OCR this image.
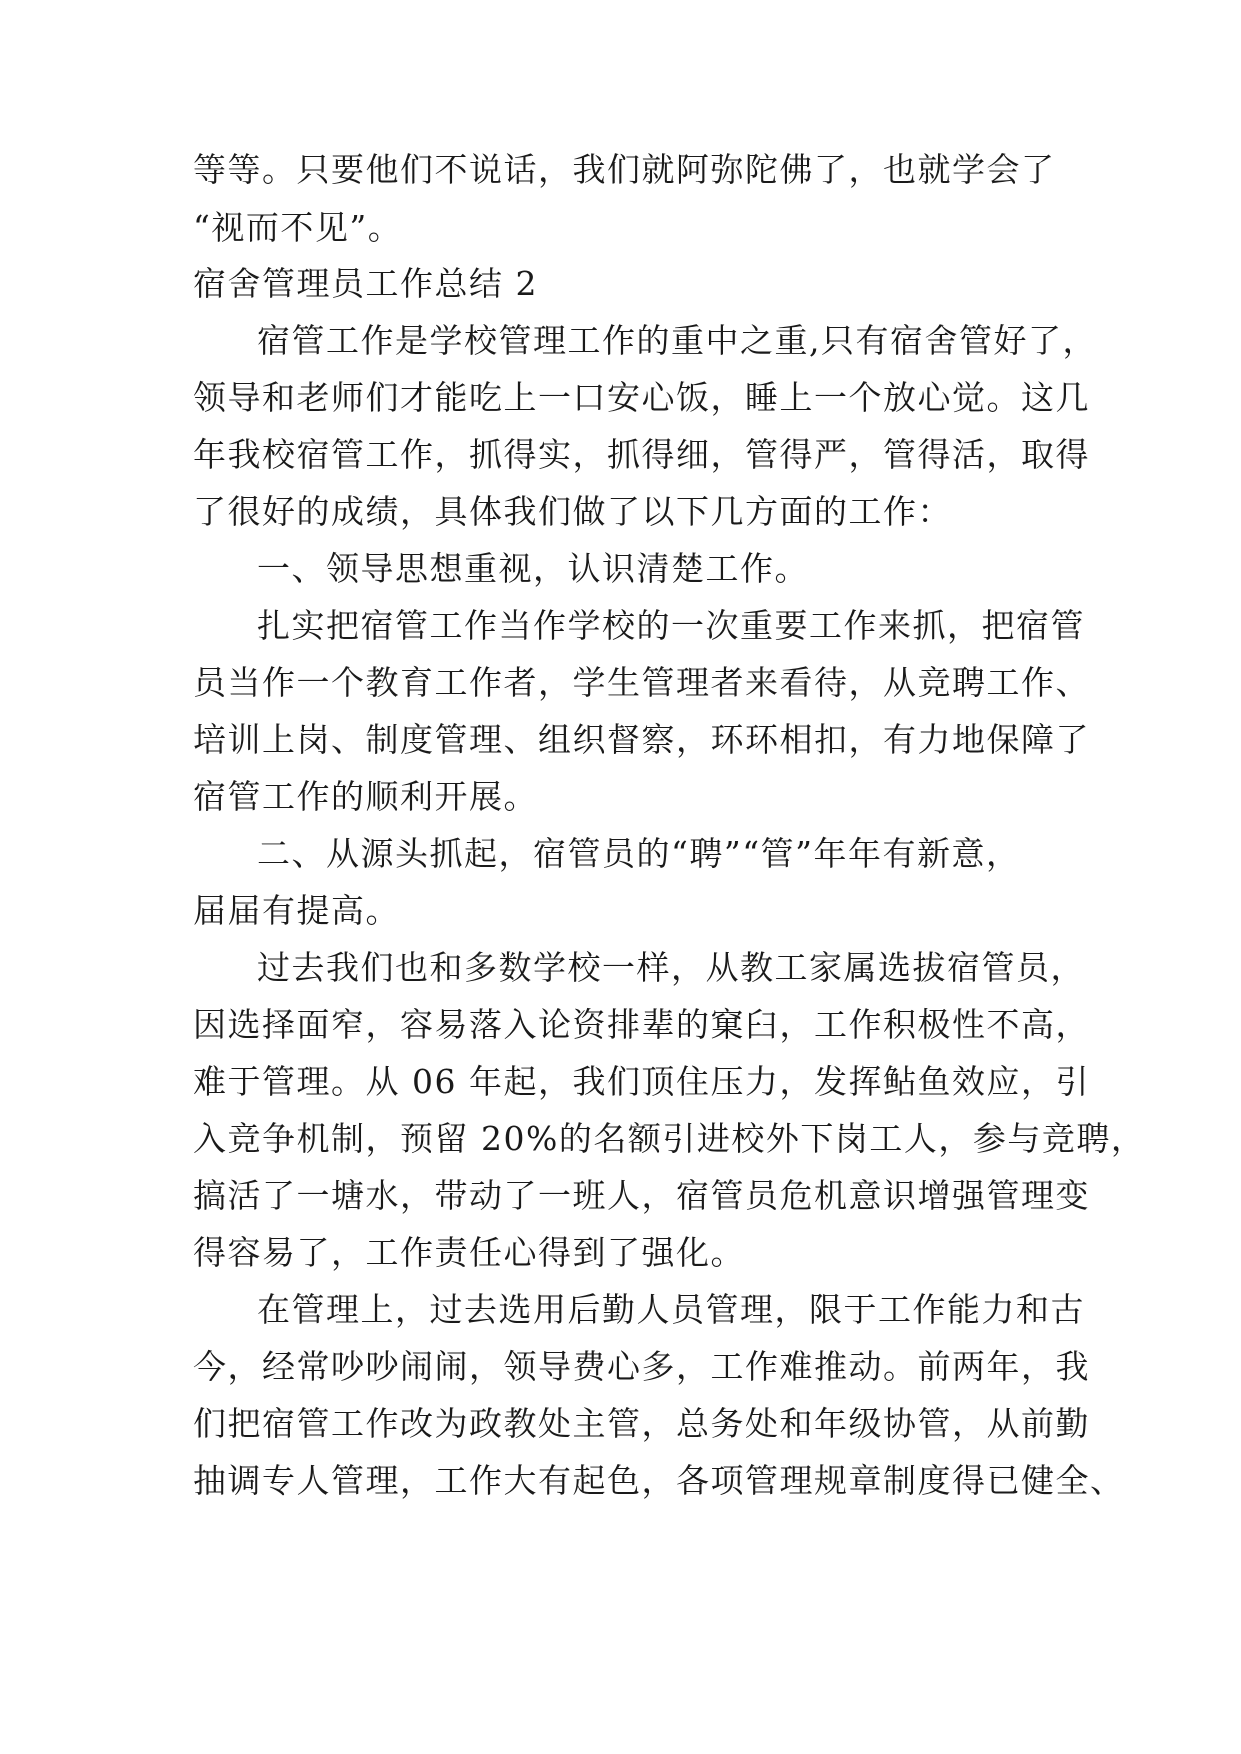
等等。只要他们不说话，我们就阿弥陀佛了，也就学会了
“视而不见”。
宿舍管理员工作总结 2
宿管工作是学校管理工作的重中之重,只有宿舍管好了，
领导和老师们才能吃上一口安心饭，睡上一个放心觉。这几
年我校宿管工作，抓得实，抓得细，管得严，管得活，取得
了很好的成绩，具体我们做了以下几方面的工作：
一、领导思想重视，认识清楚工作。
扎实把宿管工作当作学校的一次重要工作来抓，把宿管
员当作一个教育工作者，学生管理者来看待，从竞聘工作、
培训上岗、制度管理、组织督察，环环相扣，有力地保障了
宿管工作的顺利开展。
二、从源头抓起，宿管员的“聘”“管”年年有新意，
届届有提高。
过去我们也和多数学校一样，从教工家属选拔宿管员，
因选择面窄，容易落入论资排辈的窠臼，工作积极性不高，
难于管理。从 06 年起，我们顶住压力，发挥鲇鱼效应，引
入竞争机制，预留 20%的名额引进校外下岗工人，参与竞聘，
搞活了一塘水，带动了一班人，宿管员危机意识增强管理变
得容易了，工作责任心得到了强化。
在管理上，过去选用后勤人员管理，限于工作能力和古
今，经常吵吵闹闹，领导费心多，工作难推动。前两年，我
们把宿管工作改为政教处主管，总务处和年级协管，从前勤
抽调专人管理，工作大有起色，各项管理规章制度得已健全、
